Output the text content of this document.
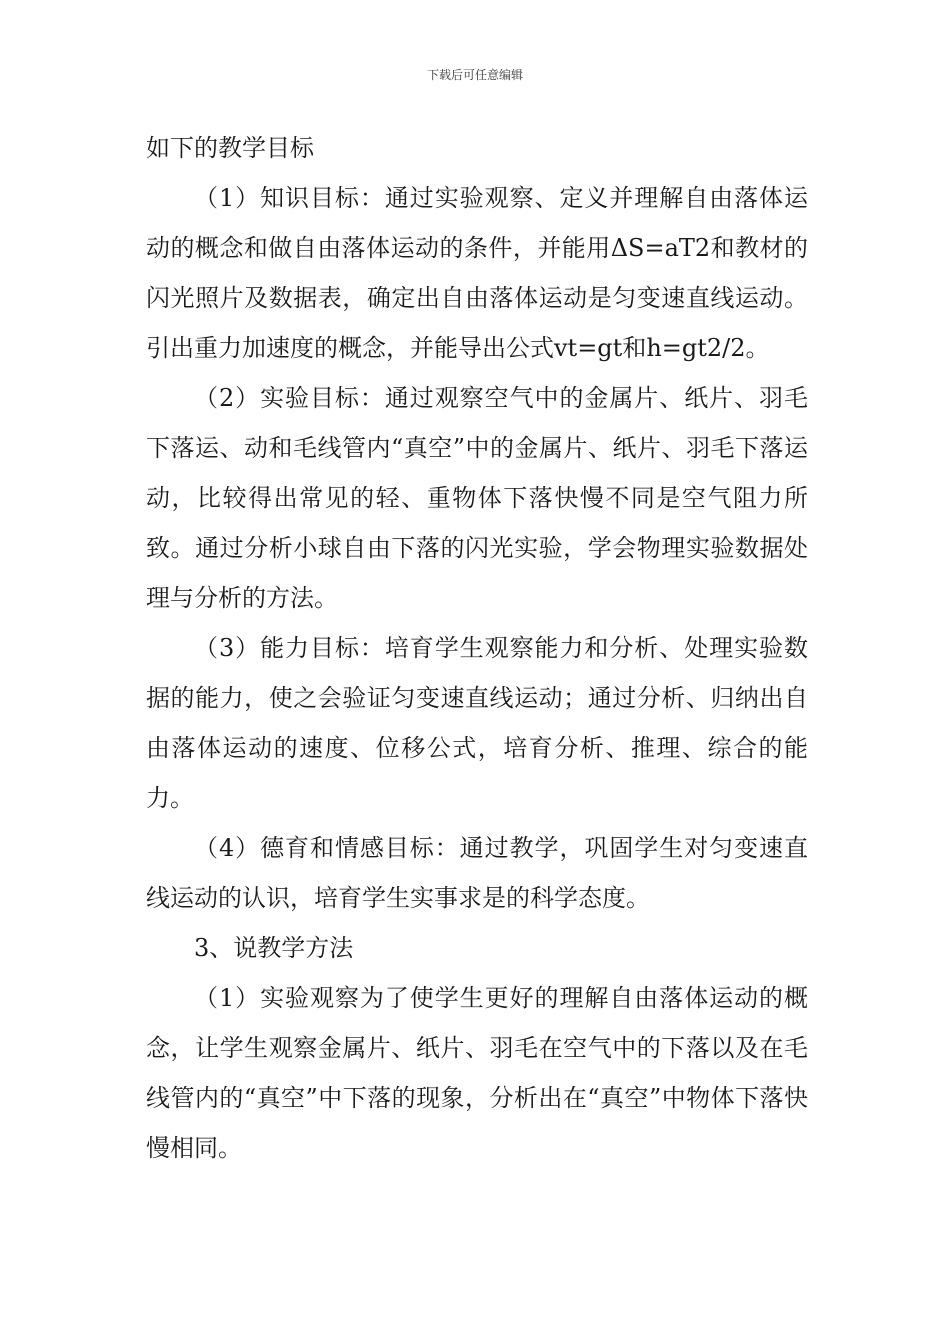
下载后可任意编辑

如下的教学目标

（1）知识目标：通过实验观察、定义并理解自由落体运动的概念和做自由落体运动的条件，并能用ΔS=aT2和教材的闪光照片及数据表，确定出自由落体运动是匀变速直线运动。引出重力加速度的概念，并能导出公式vt=gt和h=gt2/2。

（2）实验目标：通过观察空气中的金属片、纸片、羽毛下落运、动和毛线管内“真空”中的金属片、纸片、羽毛下落运动，比较得出常见的轻、重物体下落快慢不同是空气阻力所致。通过分析小球自由下落的闪光实验，学会物理实验数据处理与分析的方法。

（3）能力目标：培育学生观察能力和分析、处理实验数据的能力，使之会验证匀变速直线运动；通过分析、归纳出自由落体运动的速度、位移公式，培育分析、推理、综合的能力。

（4）德育和情感目标：通过教学，巩固学生对匀变速直线运动的认识，培育学生实事求是的科学态度。

3、说教学方法

（1）实验观察为了使学生更好的理解自由落体运动的概念，让学生观察金属片、纸片、羽毛在空气中的下落以及在毛线管内的“真空”中下落的现象，分析出在“真空”中物体下落快慢相同。
